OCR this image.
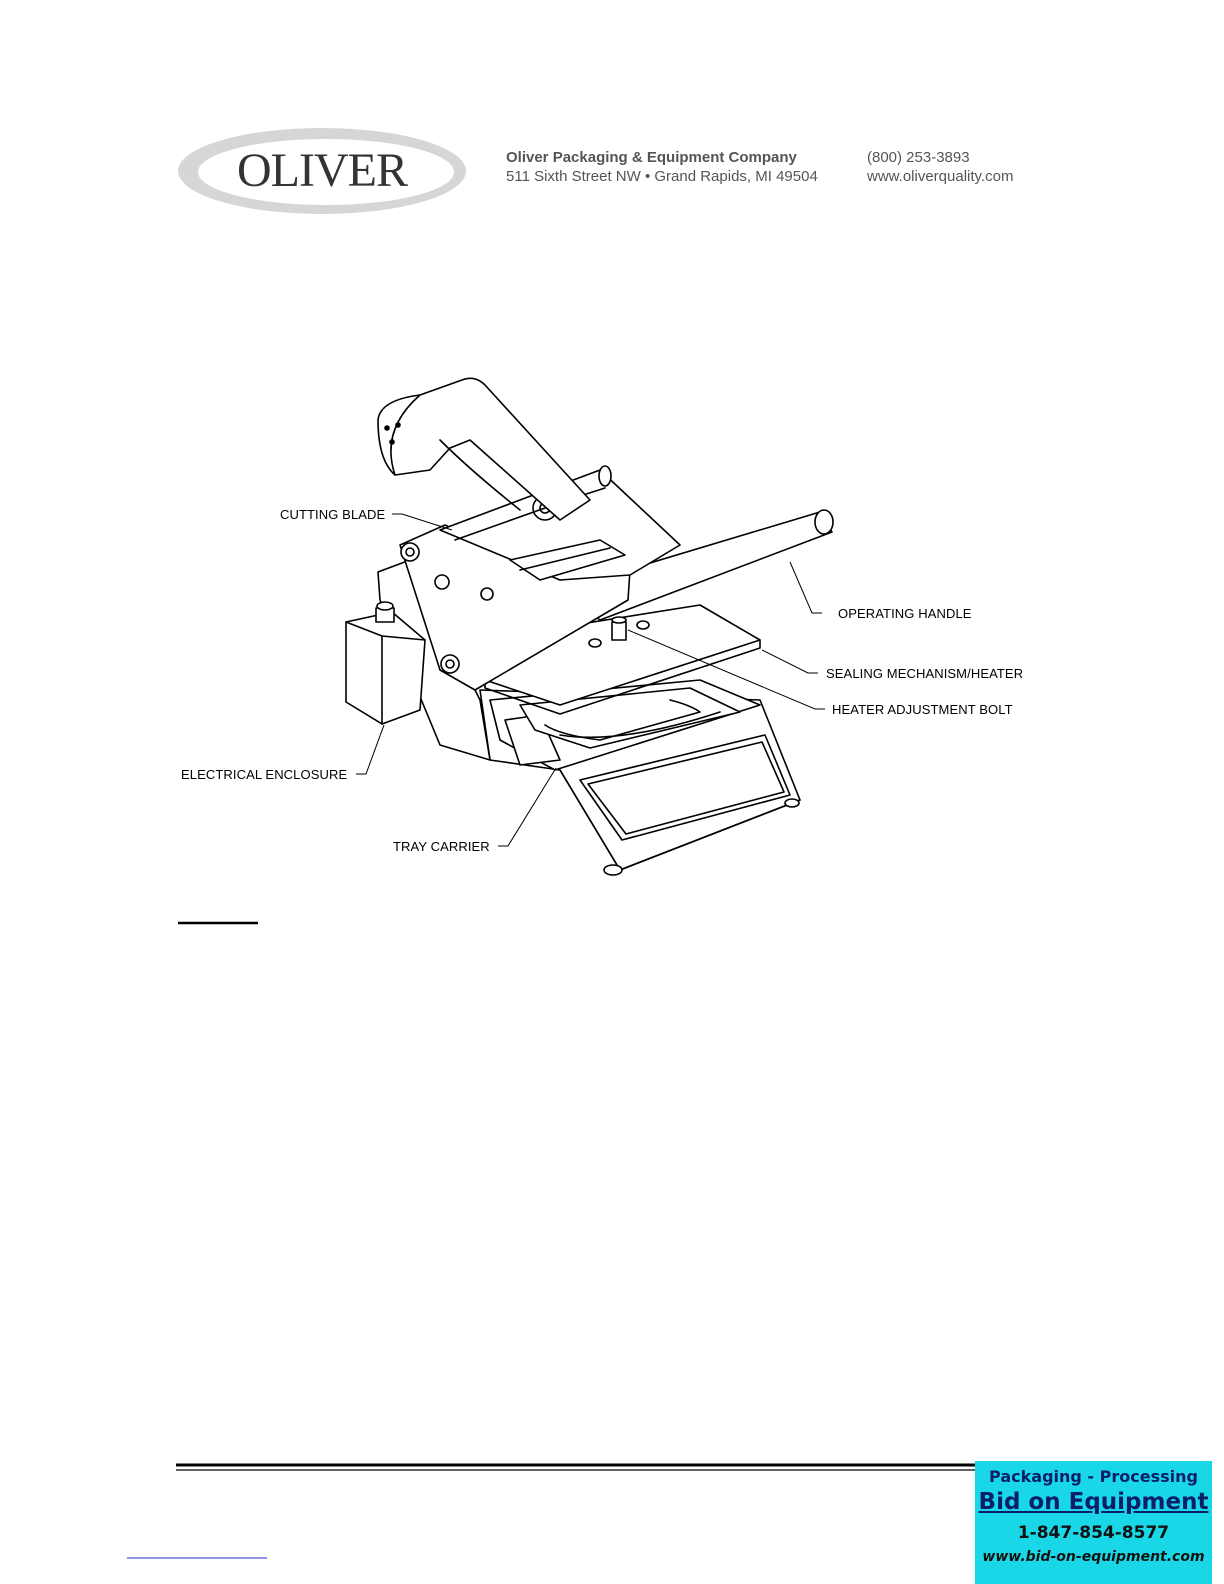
OLIVER	Oliver Packaging & Equipment Company
511 Sixth Street NW • Grand Rapids, MI 49504
(800) 253-3893
www.oliverquality.com
CUTTING BLADE
OPERATING HANDLE
SEALING MECHANISM/HEATER
HEATER ADJUSTMENT BOLT
ELECTRICAL ENCLOSURE
TRAY CARRIER
Packaging - Processing
Bid on Equipment
1-847-854-8577
www.bid-on-equipment.com
